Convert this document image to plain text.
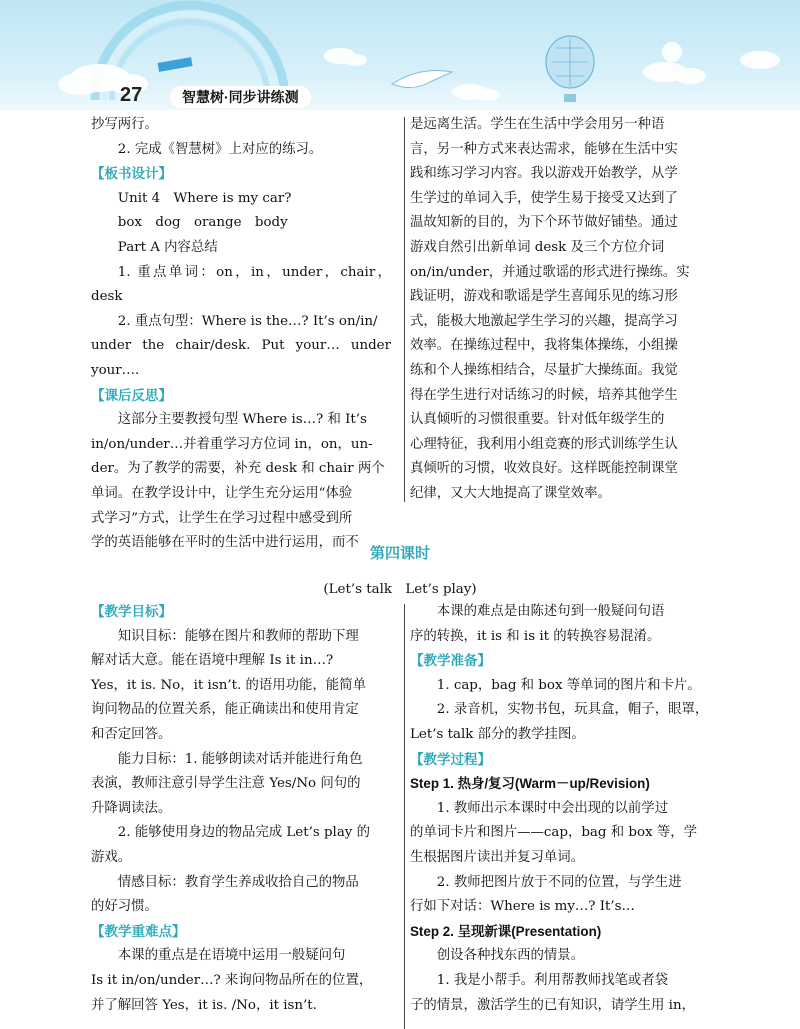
27	智慧树·同步讲练测

抄写两行。

2. 完成《智慧树》上对应的练习。

【板书设计】

Unit 4　Where is my car?

box　dog　orange　body

Part A 内容总结

1. 重点单词：on，in，under，chair，desk

2. 重点句型：Where is the…? It’s on/in/

under the chair/desk. Put your… under your….

【课后反思】

这部分主要教授句型 Where is…? 和 It’s

in/on/under…并着重学习方位词 in，on，un-

der。为了教学的需要，补充 desk 和 chair 两个

单词。在教学设计中，让学生充分运用“体验

式学习”方式，让学生在学习过程中感受到所

学的英语能够在平时的生活中进行运用，而不

是远离生活。学生在生活中学会用另一种语

言，另一种方式来表达需求，能够在生活中实

践和练习学习内容。我以游戏开始教学，从学

生学过的单词入手，使学生易于接受又达到了

温故知新的目的，为下个环节做好铺垫。通过

游戏自然引出新单词 desk 及三个方位介词

on/in/under，并通过歌谣的形式进行操练。实

践证明，游戏和歌谣是学生喜闻乐见的练习形

式，能极大地激起学生学习的兴趣，提高学习

效率。在操练过程中，我将集体操练，小组操

练和个人操练相结合，尽量扩大操练面。我觉

得在学生进行对话练习的时候，培养其他学生

认真倾听的习惯很重要。针对低年级学生的

心理特征，我利用小组竞赛的形式训练学生认

真倾听的习惯，收效良好。这样既能控制课堂

纪律，又大大地提高了课堂效率。

第四课时
(Let’s talk　Let’s play)

【教学目标】

知识目标：能够在图片和教师的帮助下理

解对话大意。能在语境中理解 Is it in…?

Yes，it is. No，it isn’t. 的语用功能，能简单

询问物品的位置关系，能正确读出和使用肯定

和否定回答。

能力目标：1. 能够朗读对话并能进行角色

表演，教师注意引导学生注意 Yes/No 问句的

升降调读法。

2. 能够使用身边的物品完成 Let’s play 的

游戏。

情感目标：教育学生养成收拾自己的物品

的好习惯。

【教学重难点】

本课的重点是在语境中运用一般疑问句

Is it in/on/under…? 来询问物品所在的位置，

并了解回答 Yes，it is. /No，it isn’t.

本课的难点是由陈述句到一般疑问句语

序的转换，it is 和 is it 的转换容易混淆。

【教学准备】

1. cap，bag 和 box 等单词的图片和卡片。

2. 录音机，实物书包，玩具盒，帽子，眼罩，

Let’s talk 部分的教学挂图。

【教学过程】

Step 1. 热身/复习(Warm－up/Revision)

1. 教师出示本课时中会出现的以前学过

的单词卡片和图片——cap，bag 和 box 等，学

生根据图片读出并复习单词。

2. 教师把图片放于不同的位置，与学生进

行如下对话：Where is my…? It’s…

Step 2. 呈现新课(Presentation)

创设各种找东西的情景。

1. 我是小帮手。利用帮教师找笔或者袋

子的情景，激活学生的已有知识，请学生用 in，
